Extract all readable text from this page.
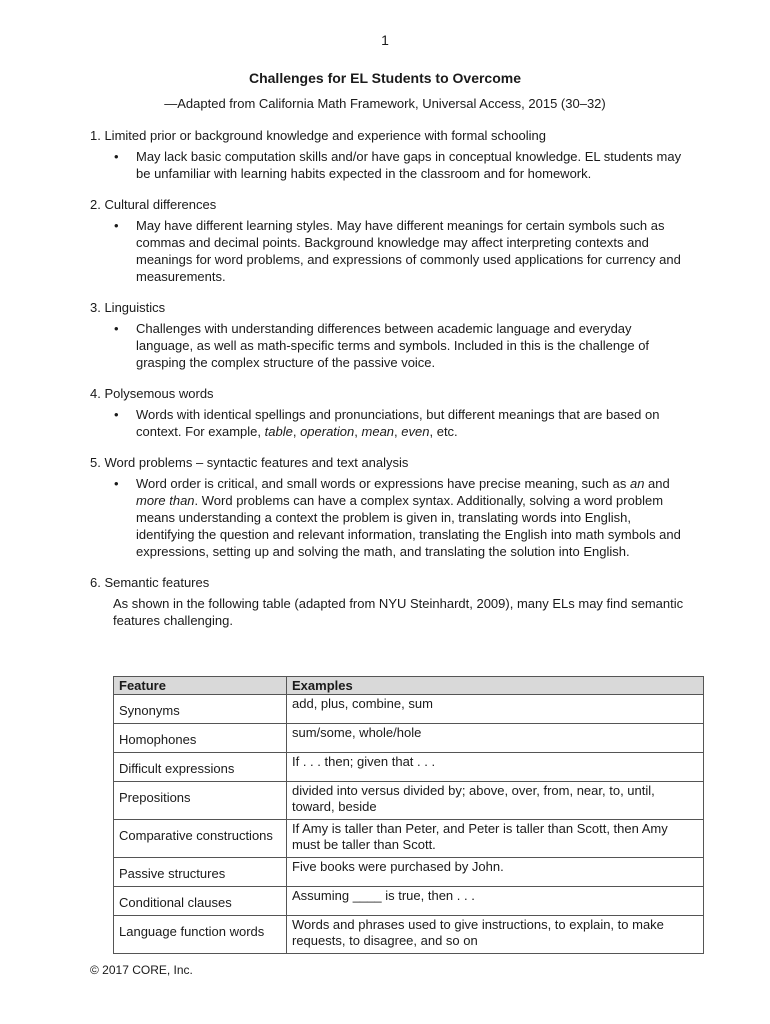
1
Challenges for EL Students to Overcome
—Adapted from California Math Framework, Universal Access, 2015 (30–32)
1. Limited prior or background knowledge and experience with formal schooling
• May lack basic computation skills and/or have gaps in conceptual knowledge. EL students may be unfamiliar with learning habits expected in the classroom and for homework.
2. Cultural differences
• May have different learning styles. May have different meanings for certain symbols such as commas and decimal points. Background knowledge may affect interpreting contexts and meanings for word problems, and expressions of commonly used applications for currency and measurements.
3. Linguistics
• Challenges with understanding differences between academic language and everyday language, as well as math-specific terms and symbols. Included in this is the challenge of grasping the complex structure of the passive voice.
4. Polysemous words
• Words with identical spellings and pronunciations, but different meanings that are based on context. For example, table, operation, mean, even, etc.
5. Word problems – syntactic features and text analysis
• Word order is critical, and small words or expressions have precise meaning, such as an and more than. Word problems can have a complex syntax. Additionally, solving a word problem means understanding a context the problem is given in, translating words into English, identifying the question and relevant information, translating the English into math symbols and expressions, setting up and solving the math, and translating the solution into English.
6. Semantic features
As shown in the following table (adapted from NYU Steinhardt, 2009), many ELs may find semantic features challenging.
Feature	Examples
Synonyms	add, plus, combine, sum
Homophones	sum/some, whole/hole
Difficult expressions	If . . . then; given that . . .
Prepositions	divided into versus divided by; above, over, from, near, to, until, toward, beside
Comparative constructions	If Amy is taller than Peter, and Peter is taller than Scott, then Amy must be taller than Scott.
Passive structures	Five books were purchased by John.
Conditional clauses	Assuming ____ is true, then . . .
Language function words	Words and phrases used to give instructions, to explain, to make requests, to disagree, and so on
© 2017 CORE, Inc.
